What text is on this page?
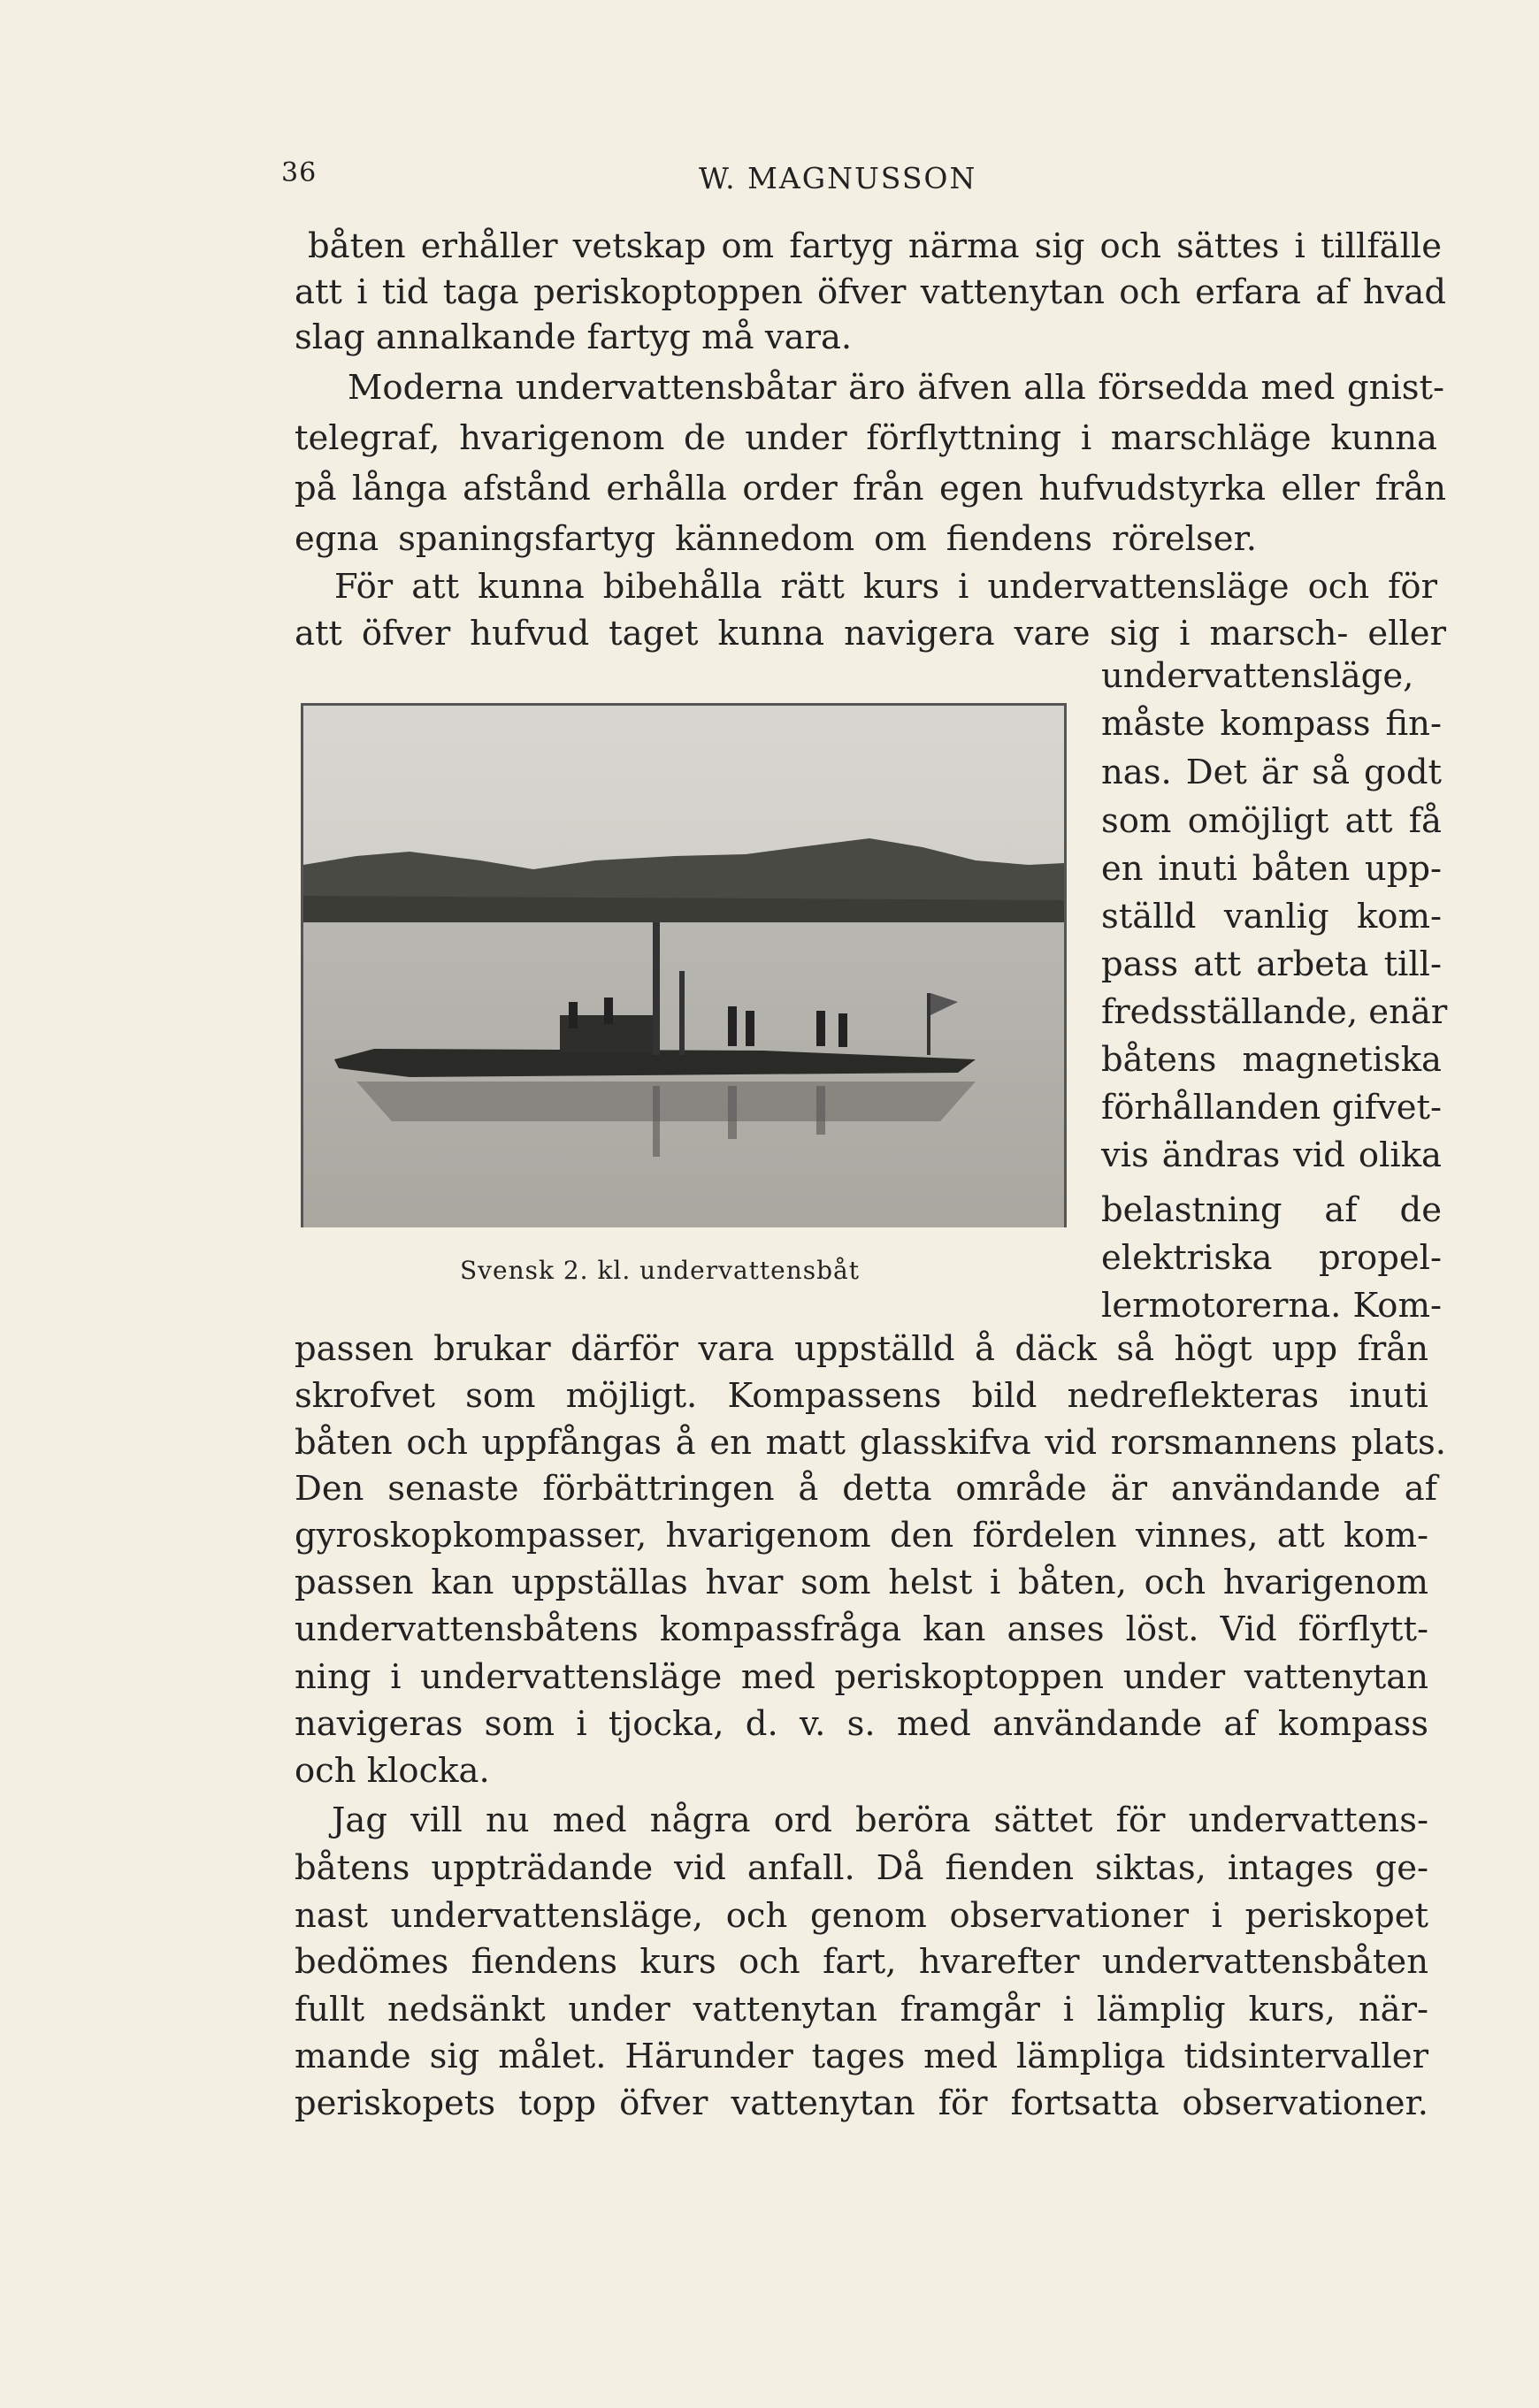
36	W. MAGNUSSON
båten erhåller vetskap om fartyg närma sig och sättes i tillfälle
att i tid taga periskoptoppen öfver vattenytan och erfara af hvad
slag annalkande fartyg må vara.
Moderna undervattensbåtar äro äfven alla försedda med gnist-
telegraf, hvarigenom de under förflyttning i marschläge kunna
på långa afstånd erhålla order från egen hufvudstyrka eller från
egna spaningsfartyg kännedom om fiendens rörelser.
För att kunna bibehålla rätt kurs i undervattensläge och för
att öfver hufvud taget kunna navigera vare sig i marsch- eller
Svensk 2. kl. undervattensbåt
undervattensläge,
måste kompass fin-
nas. Det är så godt
som omöjligt att få
en inuti båten upp-
ställd vanlig kom-
pass att arbeta till-
fredsställande, enär
båtens magnetiska
förhållanden gifvet-
vis ändras vid olika
belastning af de
elektriska propel-
lermotorerna. Kom-
passen brukar därför vara uppställd å däck så högt upp från
skrofvet som möjligt. Kompassens bild nedreflekteras inuti
båten och uppfångas å en matt glasskifva vid rorsmannens plats.
Den senaste förbättringen å detta område är användande af
gyroskopkompasser, hvarigenom den fördelen vinnes, att kom-
passen kan uppställas hvar som helst i båten, och hvarigenom
undervattensbåtens kompassfråga kan anses löst. Vid förflytt-
ning i undervattensläge med periskoptoppen under vattenytan
navigeras som i tjocka, d. v. s. med användande af kompass
och klocka.
Jag vill nu med några ord beröra sättet för undervattens-
båtens uppträdande vid anfall. Då fienden siktas, intages ge-
nast undervattensläge, och genom observationer i periskopet
bedömes fiendens kurs och fart, hvarefter undervattensbåten
fullt nedsänkt under vattenytan framgår i lämplig kurs, när-
mande sig målet. Härunder tages med lämpliga tidsintervaller
periskopets topp öfver vattenytan för fortsatta observationer.
